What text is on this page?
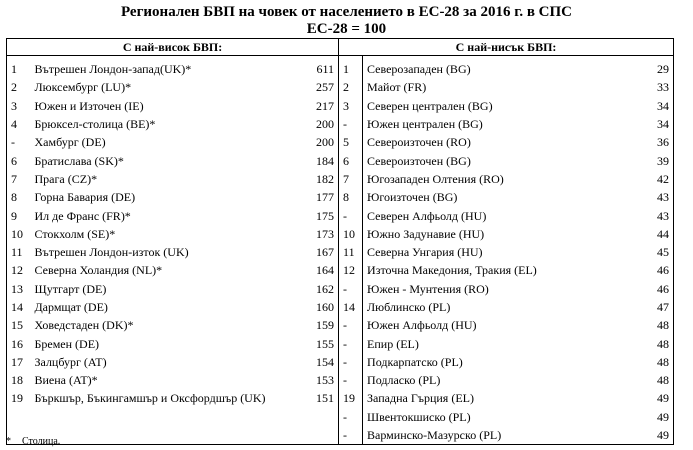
Регионален БВП на човек от населението в ЕС-28 за 2016 г. в СПС
ЕС-28 = 100
С най-висок БВП:			С най-нисък БВП:		
1	Вътрешен Лондон-запад(UK)*	611	1	Северозападен (BG)	29
2	Люксембург (LU)*	257	2	Майот (FR)	33
3	Южен и Източен (IE)	217	3	Северен централен (BG)	34
4	Брюксел-столица (BE)*	200	-	Южен централен (BG)	34
-	Хамбург (DE)	200	5	Североизточен (RO)	36
6	Братислава (SK)*	184	6	Североизточен (BG)	39
7	Прага (CZ)*	182	7	Югозападен Олтения (RO)	42
8	Горна Бавария (DE)	177	8	Югоизточен (BG)	43
9	Ил де Франс (FR)*	175	-	Северен Алфьолд (HU)	43
10	Стокхолм (SE)*	173	10	Южно Задунавие (HU)	44
11	Вътрешен Лондон-изток (UK)	167	11	Северна Унгария (HU)	45
12	Северна Холандия (NL)*	164	12	Източна Македония, Тракия (EL)	46
13	Щутгарт (DE)	162	-	Южен - Мунтения (RO)	46
14	Дармщат (DE)	160	14	Люблинско (PL)	47
15	Ховедстаден (DK)*	159	-	Южен Алфьолд (HU)	48
16	Бремен (DE)	155	-	Епир (EL)	48
17	Залцбург (AT)	154	-	Подкарпатско (PL)	48
18	Виена (AT)*	153	-	Подласко (PL)	48
19	Бъркшър, Бъкингамшър и Оксфордшър (UK)	151	19	Западна Гърция (EL)	49
			-	Швентокшиско (PL)	49
			-	Варминско-Мазурско (PL)	49
* Столица.
